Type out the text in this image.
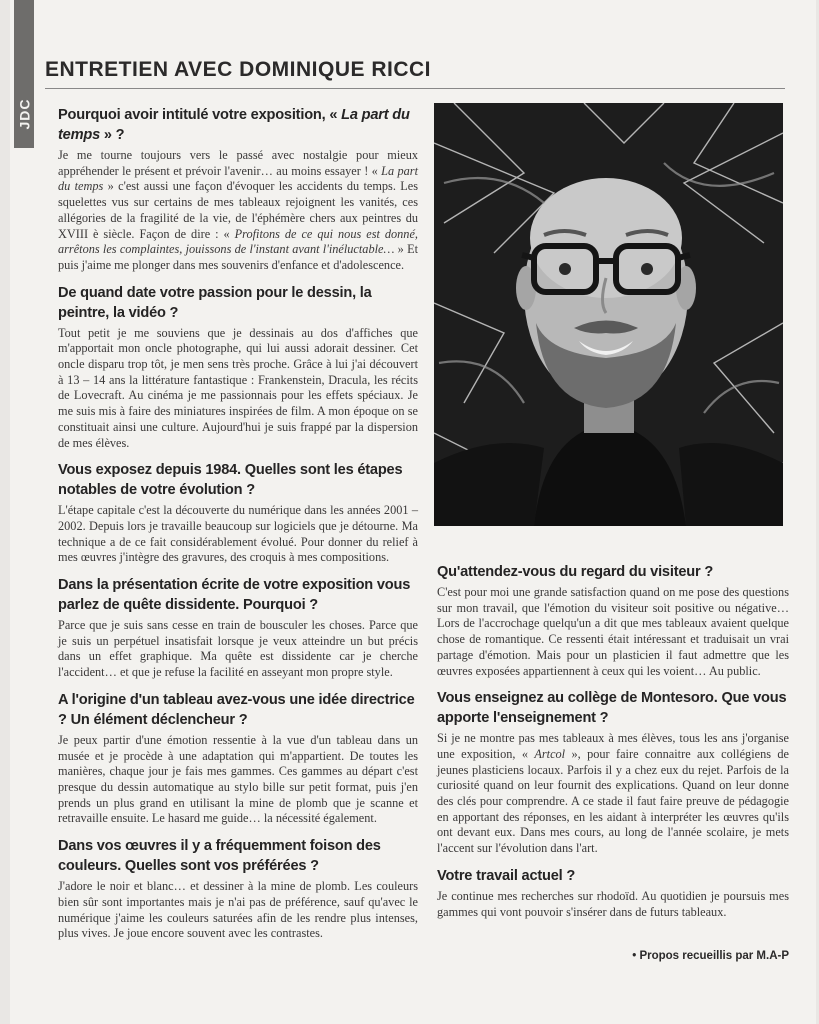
JDC
ENTRETIEN AVEC DOMINIQUE RICCI
Pourquoi avoir intitulé votre exposition, « La part du temps » ?
Je me tourne toujours vers le passé avec nostalgie pour mieux appréhender le présent et prévoir l'avenir… au moins essayer ! « La part du temps » c'est aussi une façon d'évoquer les accidents du temps. Les squelettes vus sur certains de mes tableaux rejoignent les vanités, ces allégories de la fragilité de la vie, de l'éphémère chers aux peintres du XVIII è siècle. Façon de dire : « Profitons de ce qui nous est donné, arrêtons les complaintes, jouissons de l'instant avant l'inéluctable… » Et puis j'aime me plonger dans mes souvenirs d'enfance et d'adolescence.
De quand date votre passion pour le dessin, la peintre, la vidéo ?
Tout petit je me souviens que je dessinais au dos d'affiches que m'apportait mon oncle photographe, qui lui aussi adorait dessiner. Cet oncle disparu trop tôt, je men sens très proche. Grâce à lui j'ai découvert à 13 – 14 ans la littérature fantastique : Frankenstein, Dracula, les récits de Lovecraft. Au cinéma je me passionnais pour les effets spéciaux. Je me suis mis à faire des miniatures inspirées de film. A mon époque on se constituait ainsi une culture. Aujourd'hui je suis frappé par la dispersion de mes élèves.
Vous exposez depuis 1984. Quelles sont les étapes notables de votre évolution ?
L'étape capitale c'est la découverte du numérique dans les années 2001 – 2002. Depuis lors je travaille beaucoup sur logiciels que je détourne. Ma technique a de ce fait considérablement évolué. Pour donner du relief à mes œuvres j'intègre des gravures, des croquis à mes compositions.
Dans la présentation écrite de votre exposition vous parlez de quête dissidente. Pourquoi ?
Parce que je suis sans cesse en train de bousculer les choses. Parce que je suis un perpétuel insatisfait lorsque je veux atteindre un but précis dans un effet graphique. Ma quête est dissidente car je cherche l'accident… et que je refuse la facilité en asseyant mon propre style.
A l'origine d'un tableau avez-vous une idée directrice ? Un élément déclencheur ?
Je peux partir d'une émotion ressentie à la vue d'un tableau dans un musée et je procède à une adaptation qui m'appartient. De toutes les manières, chaque jour je fais mes gammes. Ces gammes au départ c'est presque du dessin automatique au stylo bille sur petit format, puis j'en prends un plus grand en utilisant la mine de plomb que je scanne et retravaille ensuite. Le hasard me guide… la nécessité également.
Dans vos œuvres il y a fréquemment foison des couleurs. Quelles sont vos préférées ?
J'adore le noir et blanc… et dessiner à la mine de plomb. Les couleurs bien sûr sont importantes mais je n'ai pas de préférence, sauf qu'avec le numérique j'aime les couleurs saturées afin de les rendre plus intenses, plus vives. Je joue encore souvent avec les contrastes.
Qu'attendez-vous du regard du visiteur ?
C'est pour moi une grande satisfaction quand on me pose des questions sur mon travail, que l'émotion du visiteur soit positive ou négative… Lors de l'accrochage quelqu'un a dit que mes tableaux avaient quelque chose de romantique. Ce ressenti était intéressant et traduisait un vrai partage d'émotion. Mais pour un plasticien il faut admettre que les œuvres exposées appartiennent à ceux qui les voient… Au public.
Vous enseignez au collège de Montesoro. Que vous apporte l'enseignement ?
Si je ne montre pas mes tableaux à mes élèves, tous les ans j'organise une exposition, « Artcol », pour faire connaitre aux collégiens de jeunes plasticiens locaux. Parfois il y a chez eux du rejet. Parfois de la curiosité quand on leur fournit des explications. Quand on leur donne des clés pour comprendre. A ce stade il faut faire preuve de pédagogie en apportant des réponses, en les aidant à interpréter les œuvres qu'ils ont devant eux. Dans mes cours, au long de l'année scolaire, je mets l'accent sur l'évolution dans l'art.
Votre travail actuel ?
Je continue mes recherches sur rhodoïd. Au quotidien je poursuis mes gammes qui vont pouvoir s'insérer dans de futurs tableaux.
• Propos recueillis par M.A-P
